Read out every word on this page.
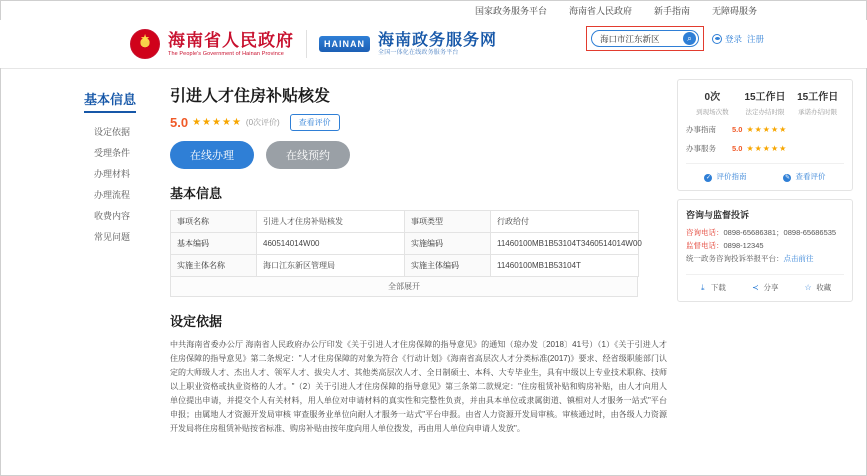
国家政务服务平台 海南省人民政府 新手指南 无障碍服务
★
海南省人民政府
The People's Government of Hainan Province
HAINAN 海南政务服务网
全国一体化在线政务服务平台
海口市江东新区	⌕	登录 注册
基本信息
设定依据
受理条件
办理材料
办理流程
收费内容
常见问题
引进人才住房补贴核发
5.0 ★★★★★ (0次评价)	查看评价
在线办理	在线预约
基本信息
事项名称	引进人才住房补贴核发	事项类型	行政给付
基本编码	460514014W00	实施编码	11460100MB1B53104T3460514014W00
实施主体名称	海口江东新区管理局	实施主体编码	11460100MB1B53104T
全部展开
设定依据
中共海南省委办公厅 海南省人民政府办公厅印发《关于引进人才住房保障的指导意见》的通知（琼办发〔2018〕41号）（1）《关于引进人才住房保障的指导意见》第二条规定："人才住房保障的对象为符合《行动计划》《海南省高层次人才分类标准(2017)》要求、经省级职能部门认定的大师级人才、杰出人才、领军人才、拔尖人才、其他类高层次人才、全日制硕士、本科、大专毕业生，具有中级以上专业技术职称、技师以上职业资格或执业资格的人才。"（2）关于引进人才住房保障的指导意见》第三条第二款规定："住房租赁补贴和购房补贴，由人才向用人单位提出申请，并提交个人有关材料，用人单位对申请材料的真实性和完整性负责，并由具本单位或隶属街道、镇相对人才服务一站式"平台申报；由属地人才资源开发局审核 审查服务业单位向耐人才服务一站式"平台申报。由省人力资源开发局审核。审核通过时，由各级人力资源开发局将住房租赁补贴按省标准、购房补贴由按年度向用人单位拨发，再由用人单位向申请人发放"。
0次
到现场次数
15工作日
法定办结时限
15工作日
承诺办结时限
办事指南	5.0 ★★★★★
办事服务	5.0 ★★★★★
✓ 评价指南	✎ 查看评价
咨询与监督投诉
咨询电话：0898-65686381；0898-65686535
监督电话：0898-12345
统一政务咨询投诉举报平台：点击前往
⤓ 下载	≺ 分享	☆ 收藏
